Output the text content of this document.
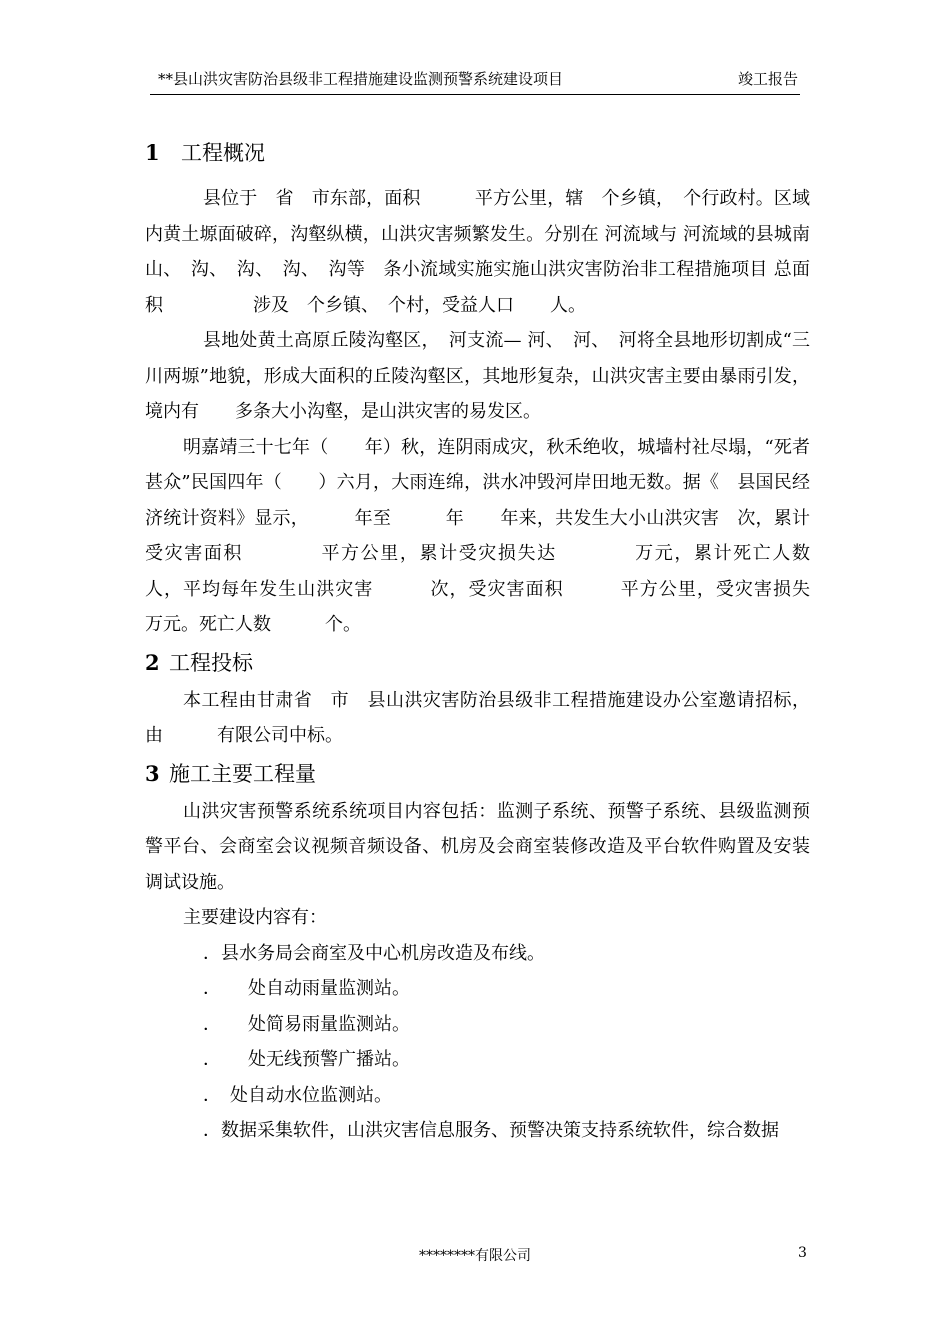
**县山洪灾害防治县级非工程措施建设监测预警系统建设项目	竣工报告
1 工程概况

县位于　省　市东部，面积　　　平方公里，辖　个乡镇，　个行政村。区域内黄土塬面破碎，沟壑纵横，山洪灾害频繁发生。分别在 河流域与 河流域的县城南山、　沟、　沟、　沟、　沟等　条小流域实施实施山洪灾害防治非工程措施项目 总面积　　　　　涉及　个乡镇、　个村，受益人口　　人。

县地处黄土高原丘陵沟壑区，　河支流— 河、　河、　河将全县地形切割成“三川两塬”地貌，形成大面积的丘陵沟壑区，其地形复杂，山洪灾害主要由暴雨引发，境内有　　多条大小沟壑，是山洪灾害的易发区。

明嘉靖三十七年（　　年）秋，连阴雨成灾，秋禾绝收，城墙村社尽塌，“死者甚众”民国四年（　　）六月，大雨连绵，洪水冲毁河岸田地无数。据《　县国民经济统计资料》显示，　　　年至　　　年　　年来，共发生大小山洪灾害　次，累计受灾害面积　　　　平方公里，累计受灾损失达　　　　万元，累计死亡人数　　人，平均每年发生山洪灾害　　　次，受灾害面积　　　平方公里，受灾害损失　　　　万元。死亡人数　　　个。

2 工程投标

本工程由甘肃省　市　县山洪灾害防治县级非工程措施建设办公室邀请招标，由　　　有限公司中标。

3 施工主要工程量

山洪灾害预警系统系统项目内容包括：监测子系统、预警子系统、县级监测预警平台、会商室会议视频音频设备、机房及会商室装修改造及平台软件购置及安装调试设施。

主要建设内容有：

．县水务局会商室及中心机房改造及布线。

．　　处自动雨量监测站。

．　　处简易雨量监测站。

．　　处无线预警广播站。

．　处自动水位监测站。

．数据采集软件，山洪灾害信息服务、预警决策支持系统软件，综合数据

********有限公司	3
